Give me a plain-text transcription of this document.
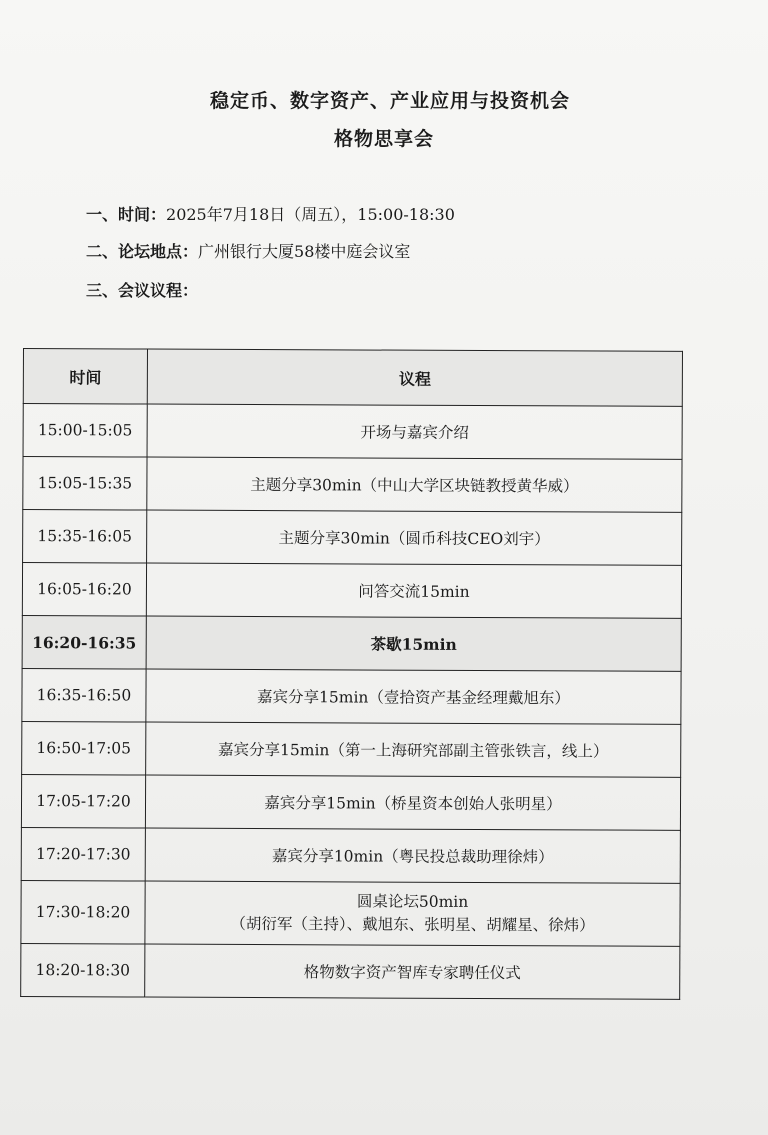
稳定币、数字资产、产业应用与投资机会
格物思享会
一、时间：2025年7月18日（周五），15:00-18:30
二、论坛地点：广州银行大厦58楼中庭会议室
三、会议议程：
时间	议程
15:00-15:05	开场与嘉宾介绍
15:05-15:35	主题分享30min（中山大学区块链教授黄华威）
15:35-16:05	主题分享30min（圆币科技CEO刘宇）
16:05-16:20	问答交流15min
16:20-16:35	茶歇15min
16:35-16:50	嘉宾分享15min（壹拾资产基金经理戴旭东）
16:50-17:05	嘉宾分享15min（第一上海研究部副主管张铁言，线上）
17:05-17:20	嘉宾分享15min（桥星资本创始人张明星）
17:20-17:30	嘉宾分享10min（粤民投总裁助理徐炜）
17:30-18:20	圆桌论坛50min
（胡衍军（主持）、戴旭东、张明星、胡耀星、徐炜）

18:20-18:30	格物数字资产智库专家聘任仪式
